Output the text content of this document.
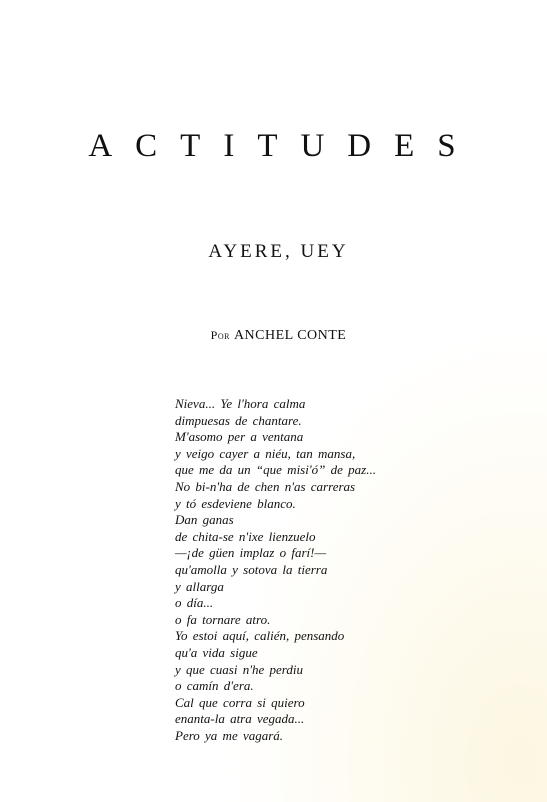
ACTITUDES
AYERE, UEY
Por ANCHEL CONTE
Nieva... Ye l'hora calma
dimpuesas de chantare.
M'asomo per a ventana
y veigo cayer a niéu, tan mansa,
que me da un “que misi'ó” de paz...
No bi-n'ha de chen n'as carreras
y tó esdeviene blanco.
Dan ganas
de chita-se n'ixe lienzuelo
—¡de güen implaz o farí!—
qu'amolla y sotova la tierra
y allarga
o día...
o fa tornare atro.
Yo estoi aquí, calién, pensando
qu'a vida sigue
y que cuasi n'he perdiu
o camín d'era.
Cal que corra si quiero
enanta-la atra vegada...
Pero ya me vagará.
